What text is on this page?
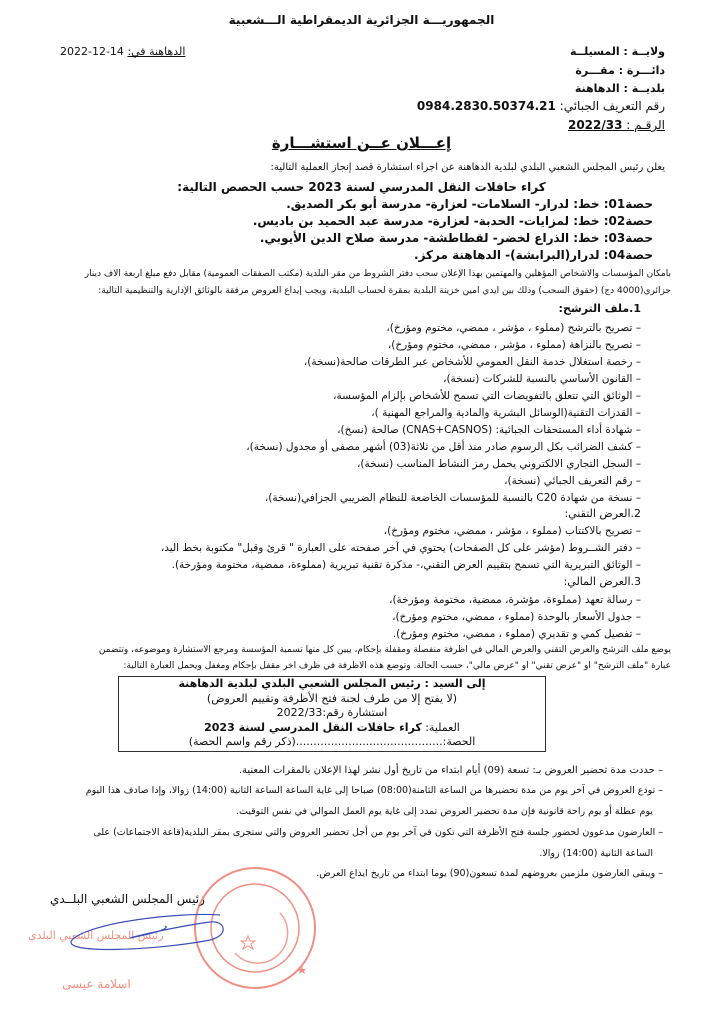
الجمهوريـــة الجزائرية الديمقراطية الـــشعبية
2022-12-14 الدهاهنة في:	ولايــة : المسيلــة
دائـــرة : مقـــرة
بلديــة : الدهاهنة
رقم التعريف الجبائي: 0984.2830.50374.21
الرقـم : 2022/33
إعـــلان عــن استشـــارة
يعلن رئيس المجلس الشعبي البلدي لبلدية الدهاهنة عن اجراء استشارة قصد إنجاز العملية التالية:
كراء حافلات النقل المدرسي لسنة 2023 حسب الحصص التالية:
حصة01: خط: لدرار- السلامات- لعزارة- مدرسة أبو بكر الصديق.
حصة02: خط: لمزايات- الحدبة- لعزارة- مدرسة عبد الحميد بن باديس.
حصة03: خط: الذراع لخضر- لقطاطشة- مدرسة صلاح الدين الأيوبي.
حصة04: لدرار(البرابشة)- الدهاهنة مركز.
بامكان المؤسسات والأشخاص المؤهلين والمهتمين بهذا الإعلان سحب دفتر الشروط من مقر البلدية (مكتب الصفقات العمومية) مقابل دفع مبلغ أربعة آلاف دينار
جزائري(4000 دج) (حقوق السحب) وذلك بين أيدي أمين خزينة البلدية بمقرة لحساب البلدية، ويجب إيداع العروض مرفقة بالوثائق الإدارية والتنظيمية التالية:
1.ملف الترشح:
– تصريح بالترشح (مملوء ، مؤشر ، ممضي، مختوم ومؤرخ)،
– تصريح بالنزاهة (مملوء ، مؤشر ، ممضي، مختوم ومؤرخ)،
– رخصة استغلال خدمة النقل العمومي للأشخاص عبر الطرقات صالحة(نسخة)،
– القانون الأساسي بالنسبة للشركات (نسخة)،
– الوثائق التي تتعلق بالتفويضات التي تسمح للأشخاص بإلزام المؤسسة،
– القدرات التقنية(الوسائل البشرية والمادية والمراجع المهنية )،
– شهادة أداء المستحقات الجبائية: (CNAS+CASNOS) صالحة (نسخ)،
– كشف الضرائب بكل الرسوم صادر منذ أقل من ثلاثة(03) أشهر مصفى أو مجدول (نسخة)،
– السجل التجاري الالكتروني يحمل رمز النشاط المناسب (نسخة)،
– رقم التعريف الجبائي (نسخة)،
– نسخة من شهادة C20 بالنسبة للمؤسسات الخاضعة للنظام الضريبي الجزافي(نسخة)،
2.العرض التقني:
– تصريح بالاكتتاب (مملوء ، مؤشر ، ممضي، مختوم ومؤرخ)،
– دفتر الشــروط (مؤشر على كل الصفحات) يحتوي في آخر صفحته على العبارة " قرئ وقبل" مكتوبة بخط اليد،
– الوثائق التبريرية التي تسمح بتقييم العرض التقني،- مذكرة تقنية تبريرية (مملوءة، ممضية، مختومة ومؤرخة).
3.العرض المالي:
– رسالة تعهد (مملوءة، مؤشرة، ممضية، مختومة ومؤرخة)،
– جدول الأسعار بالوحدة (مملوء ، ممضي، مختوم ومؤرخ)،
– تفصيل كمي و تقديري (مملوء ، ممضي، مختوم ومؤرخ).
يوضع ملف الترشح والعرض التقني والعرض المالي في أظرفة منفصلة ومقفلة بإحكام، يبين كل منها تسمية المؤسسة ومرجع الاستشارة وموضوعه، وتتضمن
عبارة "ملف الترشح" أو "عرض تقني" أو "عرض مالي"، حسب الحالة. وتوضع هذه الأظرفة في ظرف آخر مقفل بإحكام ومغفل ويحمل العبارة التالية:
إلى السيد : رئيس المجلس الشعبي البلدي لبلدية الدهاهنة
(لا يفتح إلا من طرف لجنة فتح الأظرفة وتقييم العروض)
استشارة رقم:2022/33
العملية: كراء حافلات النقل المدرسي لسنة 2023
الحصة:..........................................(ذكر رقم واسم الحصة)
– حددت مدة تحضير العروض بـ: تسعة (09) أيام ابتداء من تاريخ أول نشر لهذا الإعلان بالمقرات المعنية.
– تودع العروض في آخر يوم من مدة تحضيرها من الساعة الثامنة(08:00) صباحا إلى غاية الساعة الساعة الثانية (14:00) زوالا، وإذا صادف هذا اليوم
يوم عطلة أو يوم راحة قانونية فإن مدة تحضير العروض تمدد إلى غاية يوم العمل الموالي في نفس التوقيت.
– العارضون مدعوون لحضور جلسة فتح الأظرفة التي تكون في آخر يوم من أجل تحضير العروض والتي ستجرى بمقر البلدية(قاعة الاجتماعات) على
الساعة الثانية (14:00) زوالا.
– ويبقى العارضون ملزمين بعروضهم لمدة تسعون(90) يوما ابتداء من تاريخ ايداع العرض.
رئيس المجلس الشعبي البلــدي
رئيس المجلس الشعبي البلدي
اسلامة عيسى
